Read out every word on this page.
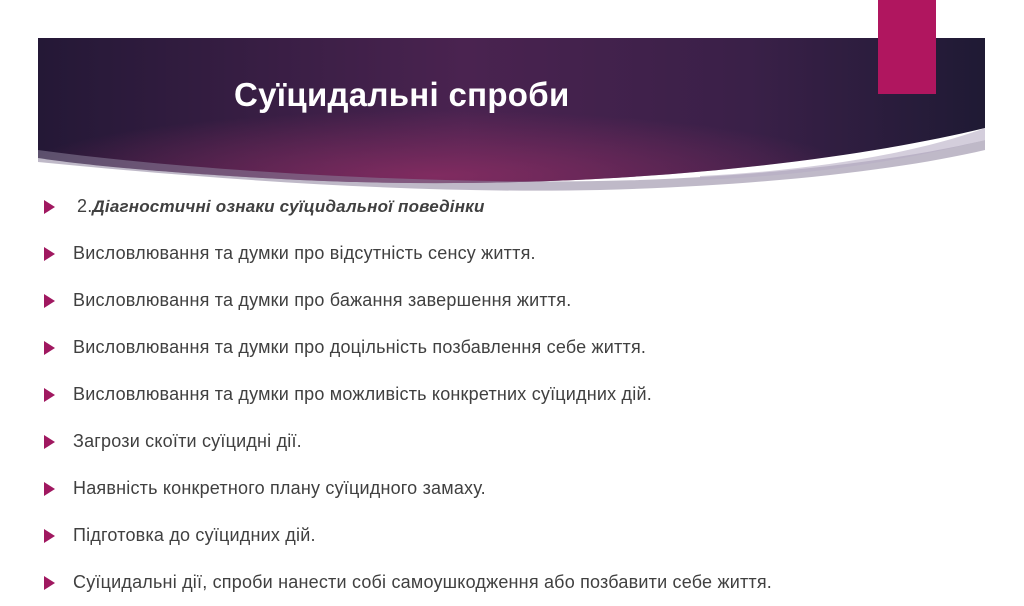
Суїцидальні спроби
2.Діагностичні ознаки суїцидальної поведінки
Висловлювання та думки про відсутність сенсу життя.
Висловлювання та думки про бажання завершення життя.
Висловлювання та думки про доцільність позбавлення себе життя.
Висловлювання та думки про можливість конкретних суїцидних дій.
Загрози скоїти суїцидні дії.
Наявність конкретного плану суїцидного замаху.
Підготовка до суїцидних дій.
Суїцидальні дії, спроби нанести собі самоушкодження або позбавити себе життя.
